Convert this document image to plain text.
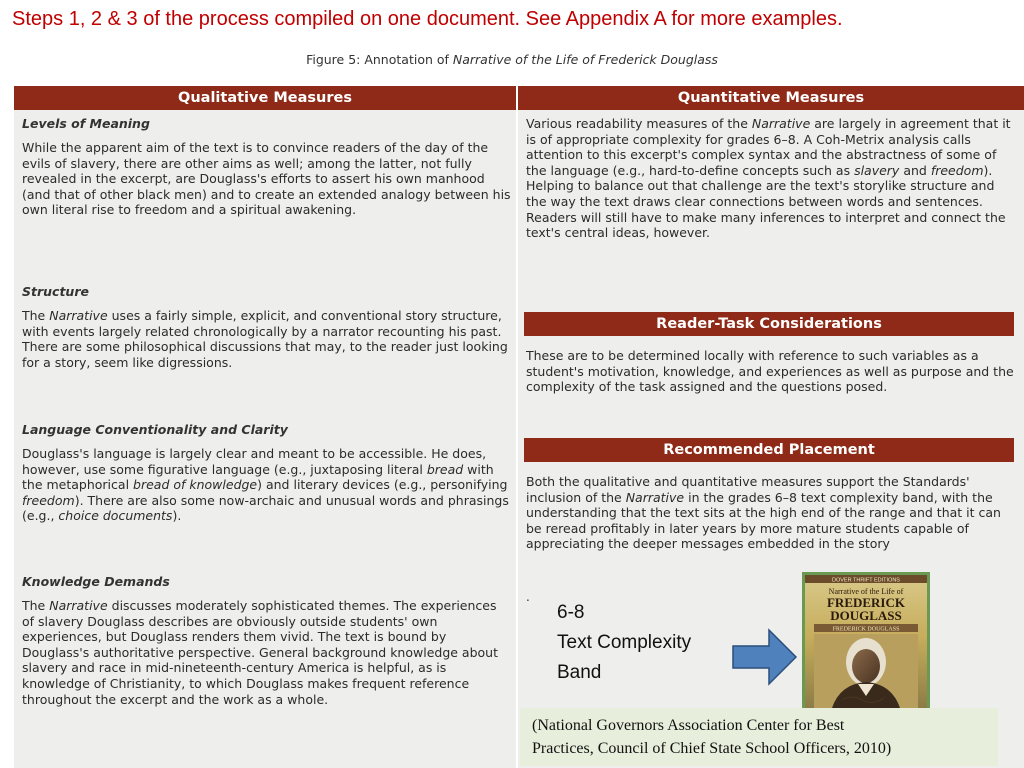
Steps 1, 2 & 3 of the process compiled on one document. See Appendix A for more examples.
Figure 5: Annotation of Narrative of the Life of Frederick Douglass
Qualitative Measures

Levels of Meaning

While the apparent aim of the text is to convince readers of the day of the evils of slavery, there are other aims as well; among the latter, not fully revealed in the excerpt, are Douglass's efforts to assert his own manhood (and that of other black men) and to create an extended analogy between his own literal rise to freedom and a spiritual awakening.

Structure

The Narrative uses a fairly simple, explicit, and conventional story structure, with events largely related chronologically by a narrator recounting his past. There are some philosophical discussions that may, to the reader just looking for a story, seem like digressions.

Language Conventionality and Clarity

Douglass's language is largely clear and meant to be accessible. He does, however, use some figurative language (e.g., juxtaposing literal bread with the metaphorical bread of knowledge) and literary devices (e.g., personifying freedom). There are also some now-archaic and unusual words and phrasings (e.g., choice documents).

Knowledge Demands

The Narrative discusses moderately sophisticated themes. The experiences of slavery Douglass describes are obviously outside students' own experiences, but Douglass renders them vivid. The text is bound by Douglass's authoritative perspective. General background knowledge about slavery and race in mid-nineteenth-century America is helpful, as is knowledge of Christianity, to which Douglass makes frequent reference throughout the excerpt and the work as a whole.

Quantitative Measures

Various readability measures of the Narrative are largely in agreement that it is of appropriate complexity for grades 6–8. A Coh-Metrix analysis calls attention to this excerpt's complex syntax and the abstractness of some of the language (e.g., hard-to-define concepts such as slavery and freedom). Helping to balance out that challenge are the text's storylike structure and the way the text draws clear connections between words and sentences. Readers will still have to make many inferences to interpret and connect the text's central ideas, however.

Reader-Task Considerations

These are to be determined locally with reference to such variables as a student's motivation, knowledge, and experiences as well as purpose and the complexity of the task assigned and the questions posed.

Recommended Placement

Both the qualitative and quantitative measures support the Standards' inclusion of the Narrative in the grades 6–8 text complexity band, with the understanding that the text sits at the high end of the range and that it can be reread profitably in later years by more mature students capable of appreciating the deeper messages embedded in the story

.
6-8
Text Complexity
Band
DOVER THRIFT EDITIONS
Narrative of the Life of
FREDERICK
DOUGLASS
FREDERICK DOUGLASS
(National Governors Association Center for Best
Practices, Council of Chief State School Officers, 2010)
